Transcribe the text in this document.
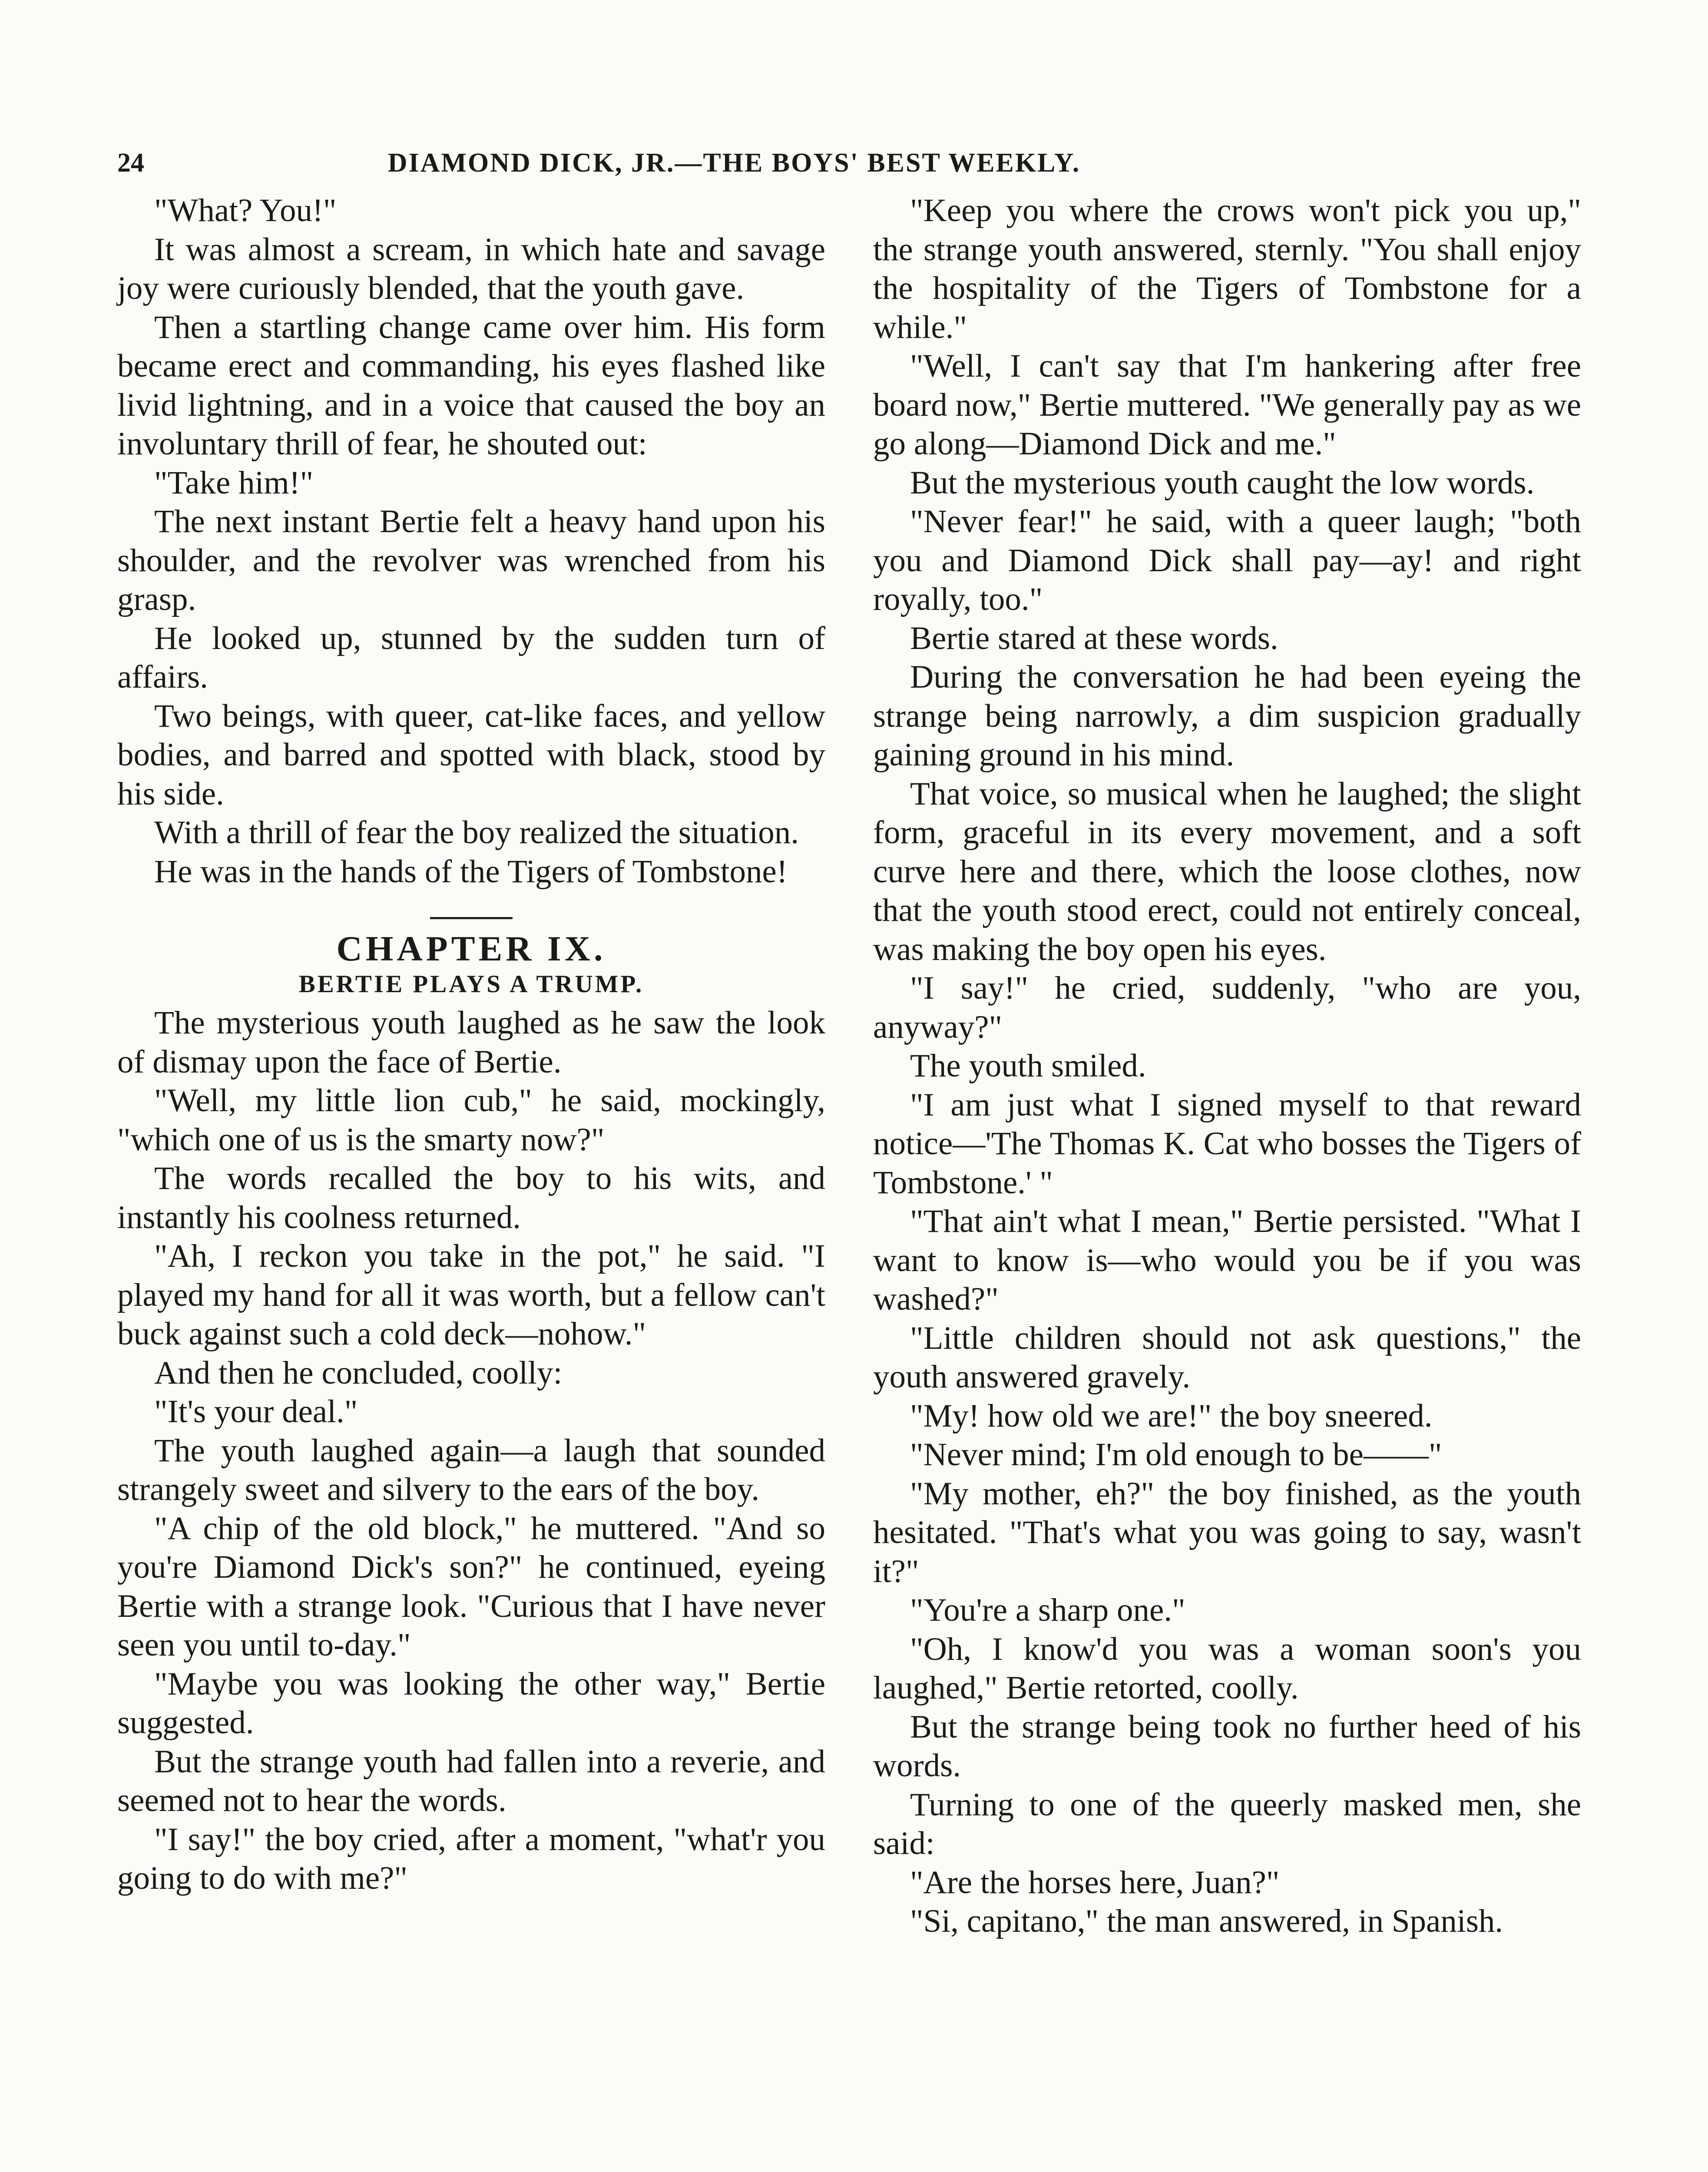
24	DIAMOND DICK, JR.—THE BOYS' BEST WEEKLY.

"What? You!"

It was almost a scream, in which hate and savage joy were curiously blended, that the youth gave.

Then a startling change came over him. His form became erect and commanding, his eyes flashed like livid lightning, and in a voice that caused the boy an involuntary thrill of fear, he shouted out:

"Take him!"

The next instant Bertie felt a heavy hand upon his shoulder, and the revolver was wrenched from his grasp.

He looked up, stunned by the sudden turn of affairs.

Two beings, with queer, cat-like faces, and yellow bodies, and barred and spotted with black, stood by his side.

With a thrill of fear the boy realized the situation.

He was in the hands of the Tigers of Tombstone!

CHAPTER IX.
BERTIE PLAYS A TRUMP.

The mysterious youth laughed as he saw the look of dismay upon the face of Bertie.

"Well, my little lion cub," he said, mockingly, "which one of us is the smarty now?"

The words recalled the boy to his wits, and instantly his coolness returned.

"Ah, I reckon you take in the pot," he said. "I played my hand for all it was worth, but a fellow can't buck against such a cold deck—nohow."

And then he concluded, coolly:

"It's your deal."

The youth laughed again—a laugh that sounded strangely sweet and silvery to the ears of the boy.

"A chip of the old block," he muttered. "And so you're Diamond Dick's son?" he continued, eyeing Bertie with a strange look. "Curious that I have never seen you until to-day."

"Maybe you was looking the other way," Bertie suggested.

But the strange youth had fallen into a reverie, and seemed not to hear the words.

"I say!" the boy cried, after a moment, "what'r you going to do with me?"

"Keep you where the crows won't pick you up," the strange youth answered, sternly. "You shall enjoy the hospitality of the Tigers of Tombstone for a while."

"Well, I can't say that I'm hankering after free board now," Bertie muttered. "We generally pay as we go along—Diamond Dick and me."

But the mysterious youth caught the low words.

"Never fear!" he said, with a queer laugh; "both you and Diamond Dick shall pay—ay! and right royally, too."

Bertie stared at these words.

During the conversation he had been eyeing the strange being narrowly, a dim suspicion gradually gaining ground in his mind.

That voice, so musical when he laughed; the slight form, graceful in its every movement, and a soft curve here and there, which the loose clothes, now that the youth stood erect, could not entirely conceal, was making the boy open his eyes.

"I say!" he cried, suddenly, "who are you, anyway?"

The youth smiled.

"I am just what I signed myself to that reward notice—'The Thomas K. Cat who bosses the Tigers of Tombstone.' "

"That ain't what I mean," Bertie persisted. "What I want to know is—who would you be if you was washed?"

"Little children should not ask questions," the youth answered gravely.

"My! how old we are!" the boy sneered.

"Never mind; I'm old enough to be——"

"My mother, eh?" the boy finished, as the youth hesitated. "That's what you was going to say, wasn't it?"

"You're a sharp one."

"Oh, I know'd you was a woman soon's you laughed," Bertie retorted, coolly.

But the strange being took no further heed of his words.

Turning to one of the queerly masked men, she said:

"Are the horses here, Juan?"

"Si, capitano," the man answered, in Spanish.
